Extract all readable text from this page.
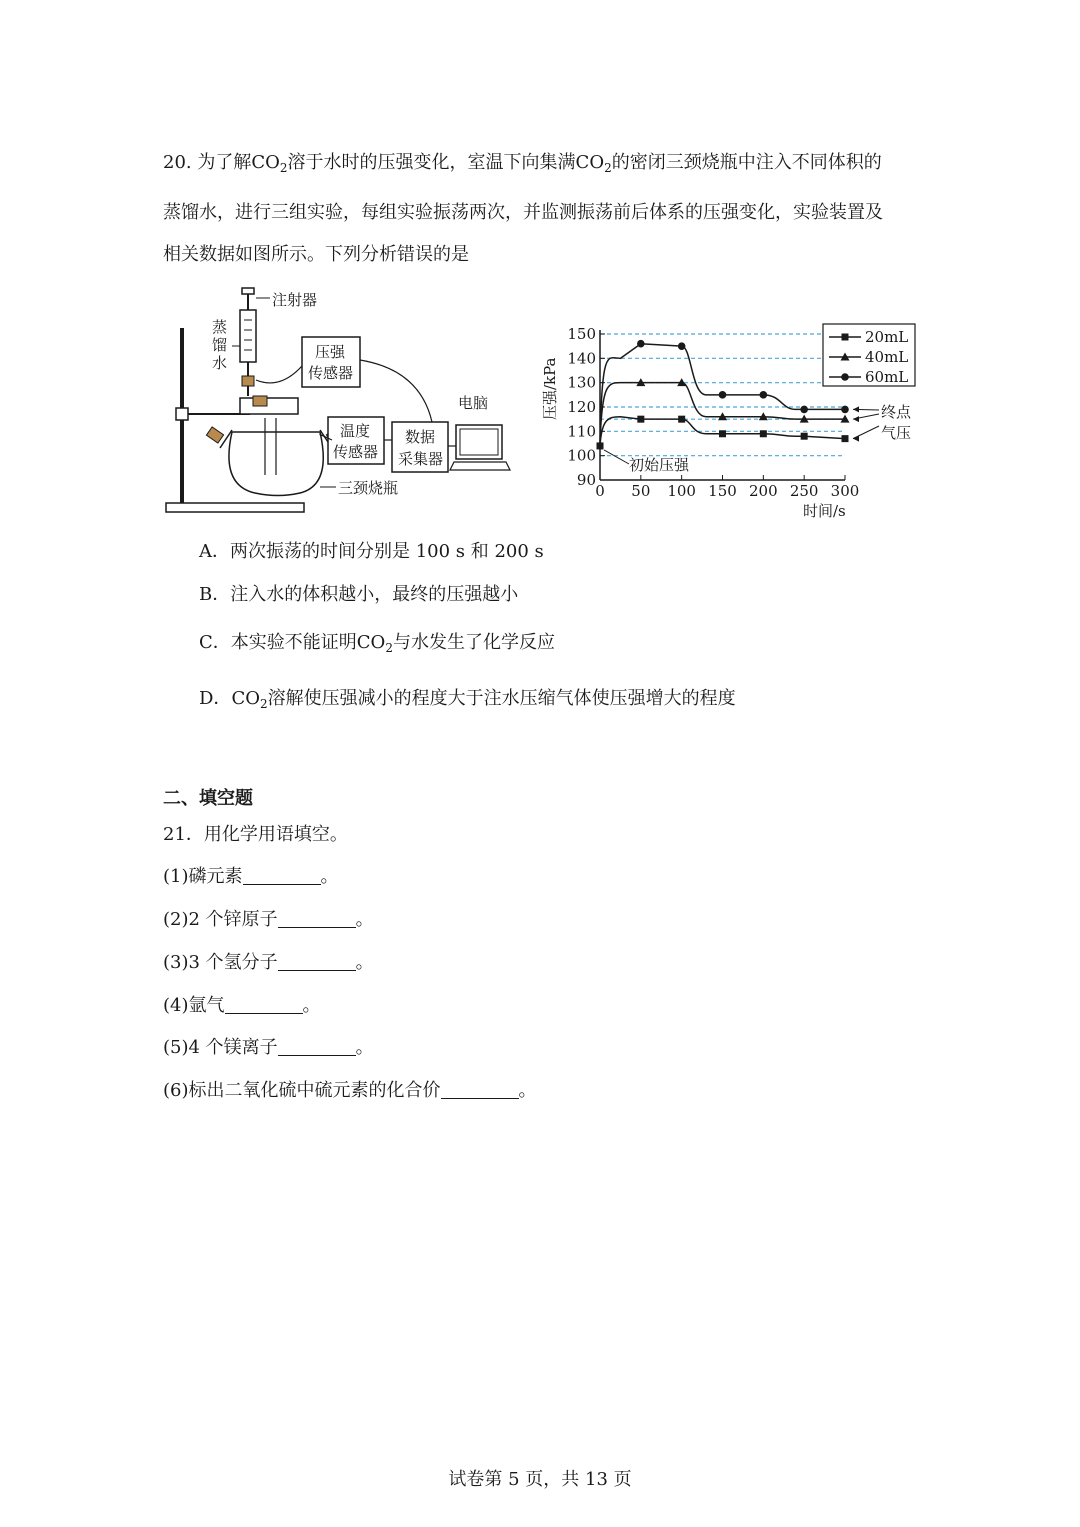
20. 为了解$CO_2$溶于水时的压强变化，室温下向集满$CO_2$的密闭三颈烧瓶中注入不同体积的
蒸馏水，进行三组实验，每组实验振荡两次，并监测振荡前后体系的压强变化，实验装置及
相关数据如图所示。下列分析错误的是
注射器
蒸
馏
水
压强
传感器
温度
传感器
数据
采集器
电脑
三颈烧瓶	90
100
110
120
130
140
150
0 50 100 150 200 250 300
20mL
40mL
60mL
压强/kPa
时间/s
初始压强
终点
气压
A．两次振荡的时间分别是 100 s 和 200 s
B．注入水的体积越小，最终的压强越小
C．本实验不能证明$CO_2$与水发生了化学反应
D．$CO_2$溶解使压强减小的程度大于注水压缩气体使压强增大的程度
二、填空题
21．用化学用语填空。
(1)磷元素	。
(2)2 个锌原子	。
(3)3 个氢分子	。
(4)氩气	。
(5)4 个镁离子	。
(6)标出二氧化硫中硫元素的化合价	。
试卷第 5 页，共 13 页
